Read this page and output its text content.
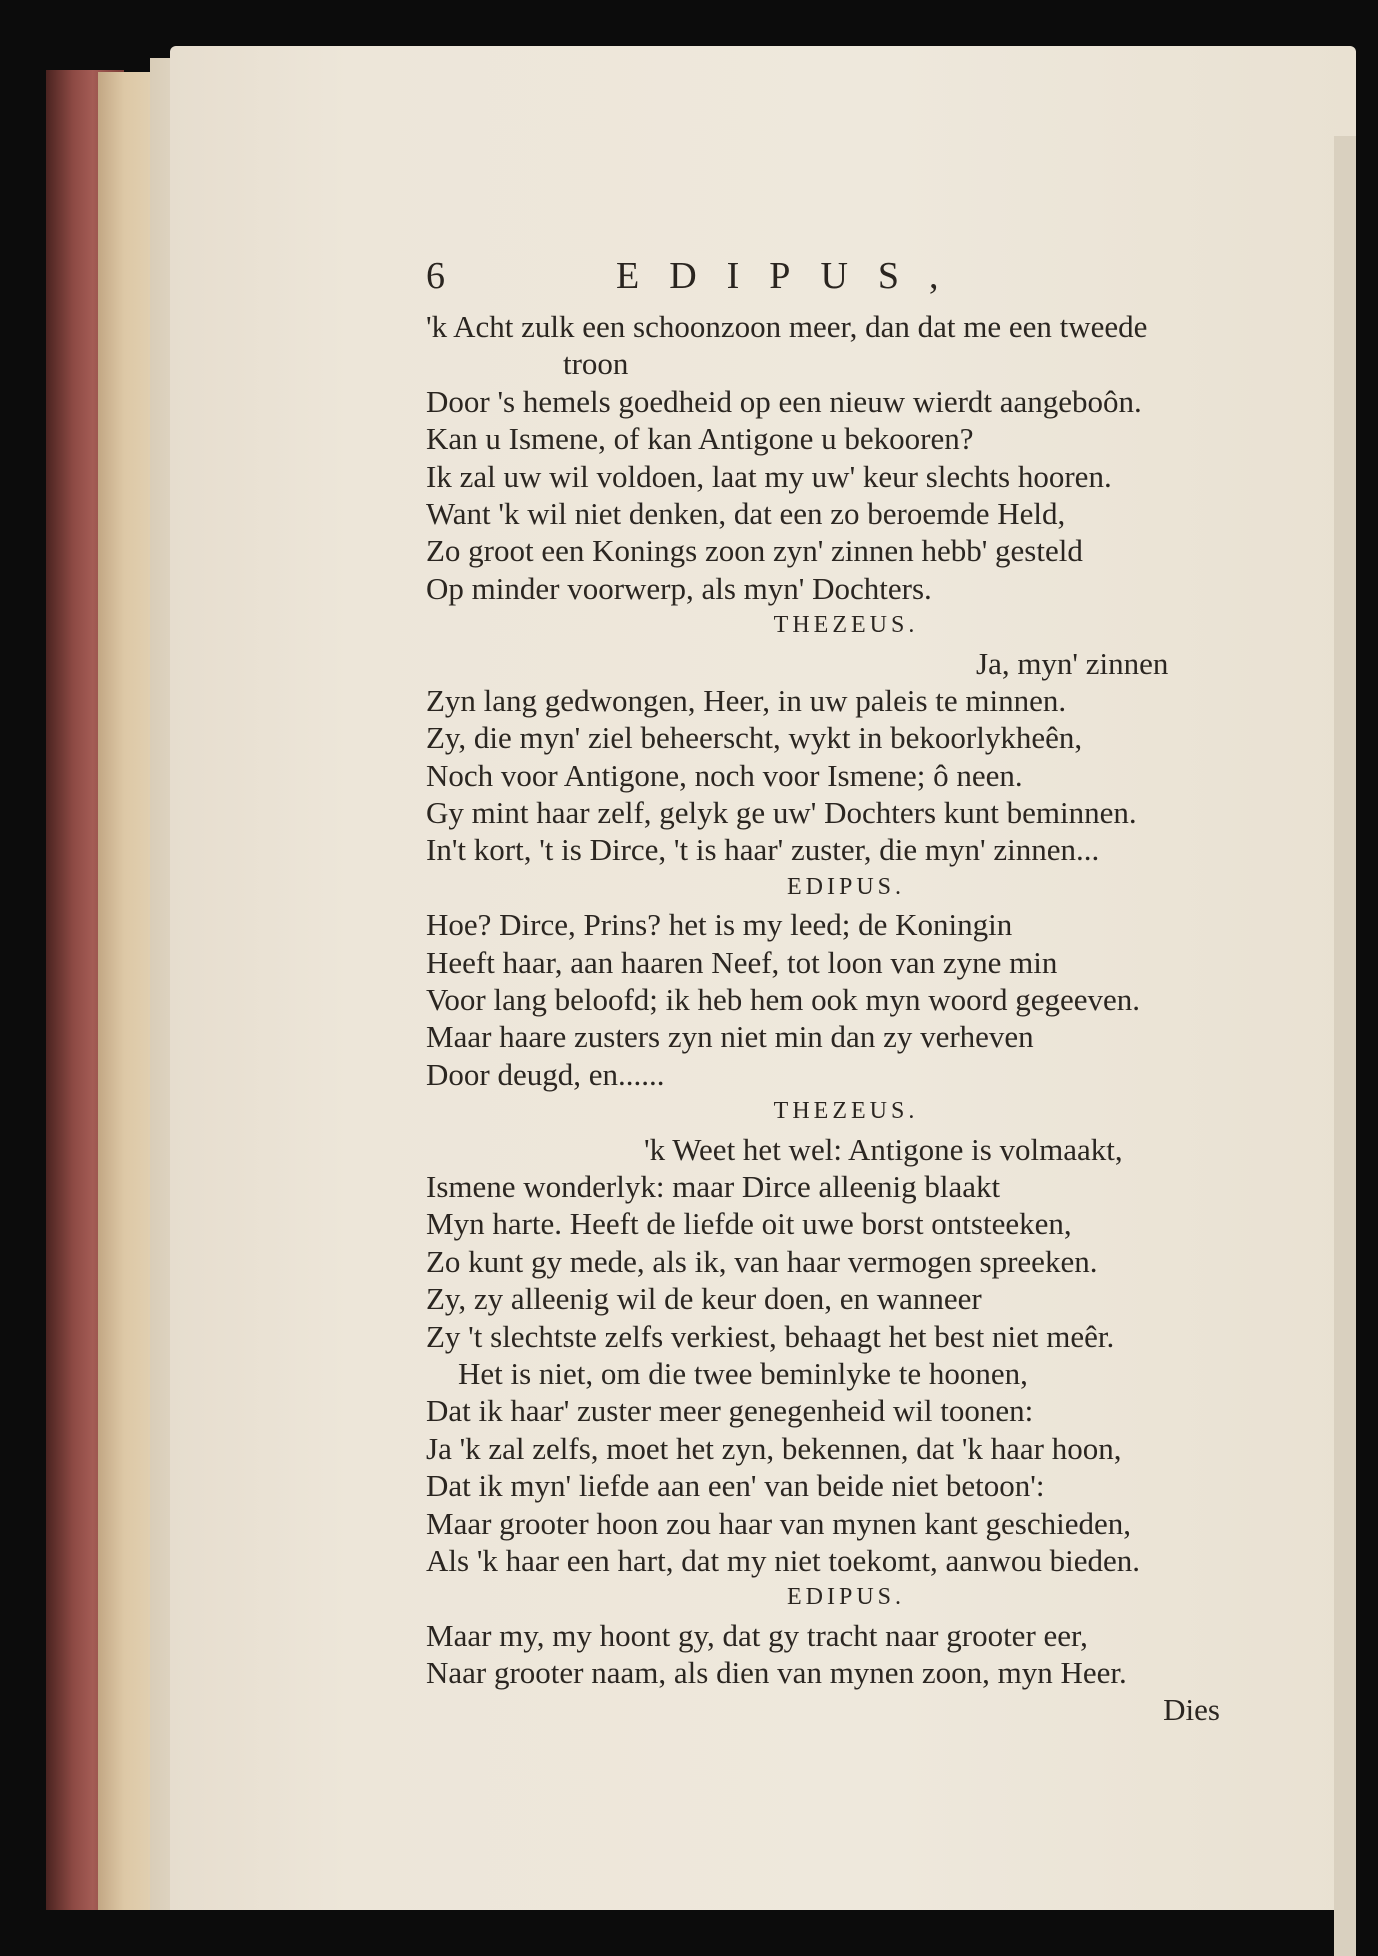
6	EDIPUS,
'k Acht zulk een schoonzoon meer, dan dat me een tweede
troon
Door 's hemels goedheid op een nieuw wierdt aangeboôn.
Kan u Ismene, of kan Antigone u bekooren?
Ik zal uw wil voldoen, laat my uw' keur slechts hooren.
Want 'k wil niet denken, dat een zo beroemde Held,
Zo groot een Konings zoon zyn' zinnen hebb' gesteld
Op minder voorwerp, als myn' Dochters.
THEZEUS.
Ja, myn' zinnen
Zyn lang gedwongen, Heer, in uw paleis te minnen.
Zy, die myn' ziel beheerscht, wykt in bekoorlykheên,
Noch voor Antigone, noch voor Ismene; ô neen.
Gy mint haar zelf, gelyk ge uw' Dochters kunt beminnen.
In't kort, 't is Dirce, 't is haar' zuster, die myn' zinnen...
EDIPUS.
Hoe? Dirce, Prins? het is my leed; de Koningin
Heeft haar, aan haaren Neef, tot loon van zyne min
Voor lang beloofd; ik heb hem ook myn woord gegeeven.
Maar haare zusters zyn niet min dan zy verheven
Door deugd, en......
THEZEUS.
'k Weet het wel: Antigone is volmaakt,
Ismene wonderlyk: maar Dirce alleenig blaakt
Myn harte. Heeft de liefde oit uwe borst ontsteeken,
Zo kunt gy mede, als ik, van haar vermogen spreeken.
Zy, zy alleenig wil de keur doen, en wanneer
Zy 't slechtste zelfs verkiest, behaagt het best niet meêr.
Het is niet, om die twee beminlyke te hoonen,
Dat ik haar' zuster meer genegenheid wil toonen:
Ja 'k zal zelfs, moet het zyn, bekennen, dat 'k haar hoon,
Dat ik myn' liefde aan een' van beide niet betoon':
Maar grooter hoon zou haar van mynen kant geschieden,
Als 'k haar een hart, dat my niet toekomt, aanwou bieden.
EDIPUS.
Maar my, my hoont gy, dat gy tracht naar grooter eer,
Naar grooter naam, als dien van mynen zoon, myn Heer.
Dies
